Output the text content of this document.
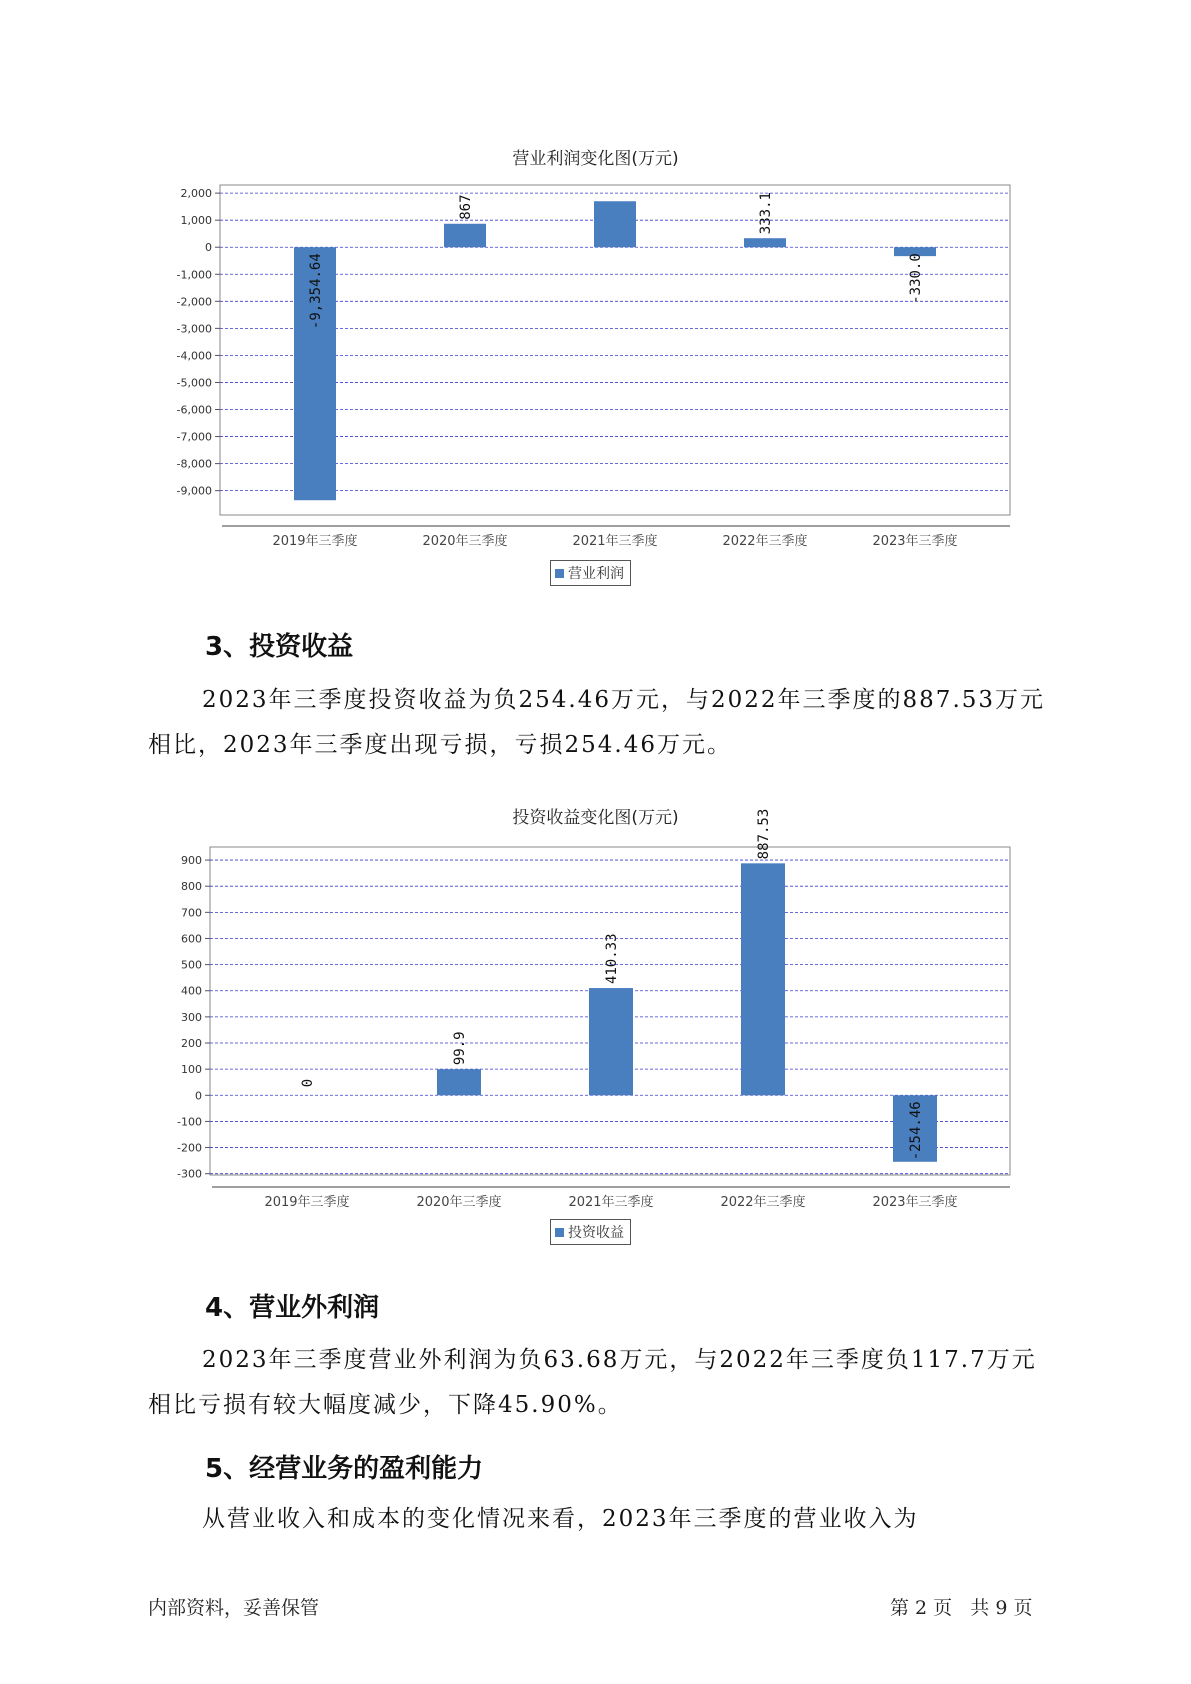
营业利润变化图(万元)
2,000
1,000
0
-1,000
-2,000
-3,000
-4,000
-5,000
-6,000
-7,000
-8,000
-9,000
-9,354.64
2019年三季度
867
2020年三季度	2021年三季度
333.1
2022年三季度
-330.0
2023年三季度
营业利润
3、投资收益

2023年三季度投资收益为负254.46万元，与2022年三季度的887.53万元相比，2023年三季度出现亏损，亏损254.46万元。

投资收益变化图(万元)
900
800
700
600
500
400
300
200
100
0
-100
-200
-300
0
2019年三季度
99.9
2020年三季度
410.33
2021年三季度
887.53
2022年三季度
-254.46
2023年三季度
投资收益
4、营业外利润

2023年三季度营业外利润为负63.68万元，与2022年三季度负117.7万元相比亏损有较大幅度减少，下降45.90%。

5、经营业务的盈利能力

从营业收入和成本的变化情况来看，2023年三季度的营业收入为

内部资料，妥善保管	第 2 页   共 9 页
